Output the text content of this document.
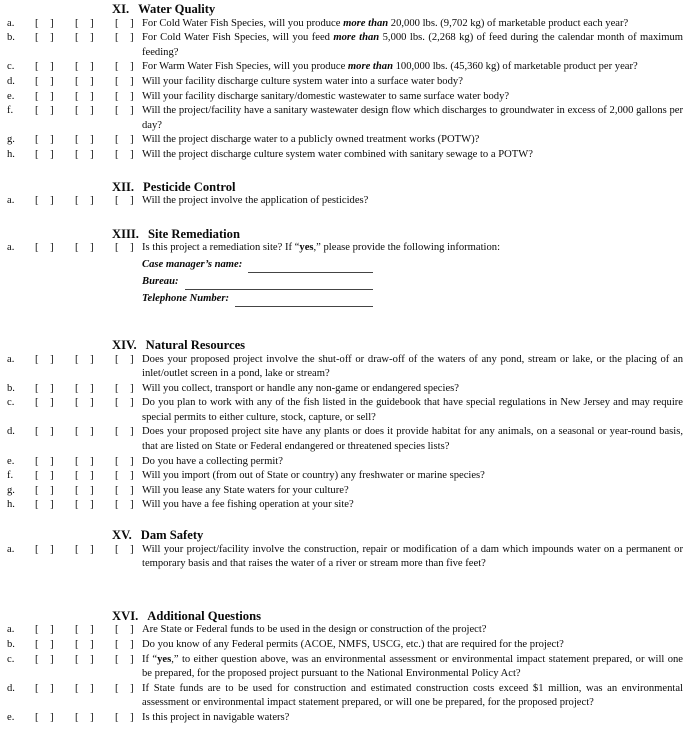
XI. Water Quality
a.	[ ]	[ ]	[ ] For Cold Water Fish Species, will you produce more than 20,000 lbs. (9,702 kg) of marketable product each year?
b.	[ ]	[ ]	[ ] For Cold Water Fish Species, will you feed more than 5,000 lbs. (2,268 kg) of feed during the calendar month of maximum feeding?
c.	[ ]	[ ]	[ ] For Warm Water Fish Species, will you produce more than 100,000 lbs. (45,360 kg) of marketable product per year?
d.	[ ]	[ ]	[ ] Will your facility discharge culture system water into a surface water body?
e.	[ ]	[ ]	[ ] Will your facility discharge sanitary/domestic wastewater to same surface water body?
f.	[ ]	[ ]	[ ] Will the project/facility have a sanitary wastewater design flow which discharges to groundwater in excess of 2,000 gallons per day?
g.	[ ]	[ ]	[ ] Will the project discharge water to a publicly owned treatment works (POTW)?
h.	[ ]	[ ]	[ ] Will the project discharge culture system water combined with sanitary sewage to a POTW?
XII. Pesticide Control
a.	[ ]	[ ]	[ ] Will the project involve the application of pesticides?
XIII. Site Remediation
a.	[ ]	[ ]	[ ] Is this project a remediation site? If “yes,” please provide the following information:
Case manager’s name:
Bureau:
Telephone Number:
XIV. Natural Resources
a.	[ ]	[ ]	[ ] Does your proposed project involve the shut-off or draw-off of the waters of any pond, stream or lake, or the placing of an inlet/outlet screen in a pond, lake or stream?
b.	[ ]	[ ]	[ ] Will you collect, transport or handle any non-game or endangered species?
c.	[ ]	[ ]	[ ] Do you plan to work with any of the fish listed in the guidebook that have special regulations in New Jersey and may require special permits to either culture, stock, capture, or sell?
d.	[ ]	[ ]	[ ] Does your proposed project site have any plants or does it provide habitat for any animals, on a seasonal or year-round basis, that are listed on State or Federal endangered or threatened species lists?
e.	[ ]	[ ]	[ ] Do you have a collecting permit?
f.	[ ]	[ ]	[ ] Will you import (from out of State or country) any freshwater or marine species?
g.	[ ]	[ ]	[ ] Will you lease any State waters for your culture?
h.	[ ]	[ ]	[ ] Will you have a fee fishing operation at your site?
XV. Dam Safety
a.	[ ]	[ ]	[ ] Will your project/facility involve the construction, repair or modification of a dam which impounds water on a permanent or temporary basis and that raises the water of a river or stream more than five feet?
XVI. Additional Questions
a.	[ ]	[ ]	[ ] Are State or Federal funds to be used in the design or construction of the project?
b.	[ ]	[ ]	[ ] Do you know of any Federal permits (ACOE, NMFS, USCG, etc.) that are required for the project?
c.	[ ]	[ ]	[ ] If “yes,” to either question above, was an environmental assessment or environmental impact statement prepared, or will one be prepared, for the proposed project pursuant to the National Environmental Policy Act?
d.	[ ]	[ ]	[ ] If State funds are to be used for construction and estimated construction costs exceed $1 million, was an environmental assessment or environmental impact statement prepared, or will one be prepared, for the proposed project?
e.	[ ]	[ ]	[ ] Is this project in navigable waters?
